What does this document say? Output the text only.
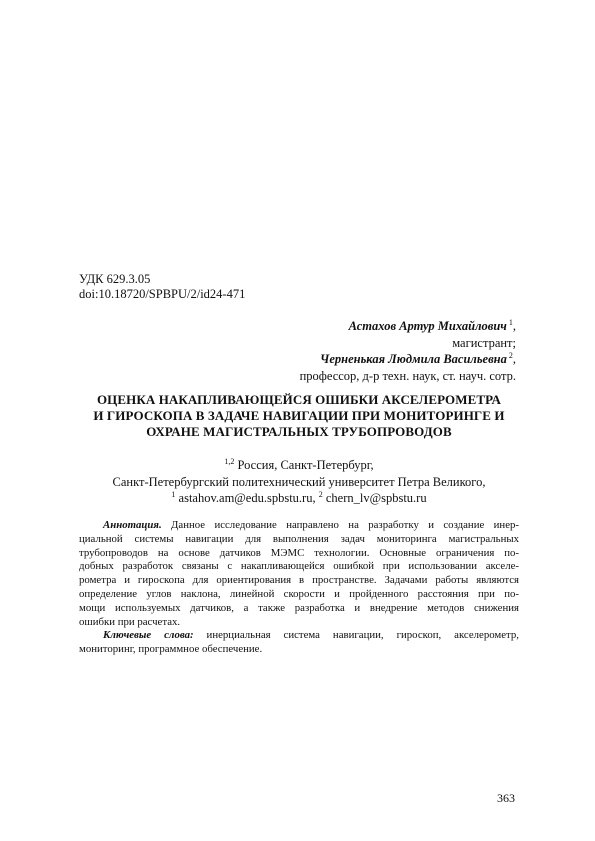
УДК 629.3.05
doi:10.18720/SPBPU/2/id24-471
Астахов Артур Михайлович $^1$,
магистрант;
Черненькая Людмила Васильевна $^2$,
профессор, д-р техн. наук, ст. науч. сотр.
ОЦЕНКА НАКАПЛИВАЮЩЕЙСЯ ОШИБКИ АКСЕЛЕРОМЕТРА
И ГИРОСКОПА В ЗАДАЧЕ НАВИГАЦИИ ПРИ МОНИТОРИНГЕ И
ОХРАНЕ МАГИСТРАЛЬНЫХ ТРУБОПРОВОДОВ
$^{1,2}$ Россия, Санкт-Петербург,
Санкт-Петербургский политехнический университет Петра Великого,
$^1$ astahov.am@edu.spbstu.ru, $^2$ chern_lv@spbstu.ru
Аннотация. Данное исследование направлено на разработку и создание инер-
циальной системы навигации для выполнения задач мониторинга магистральных
трубопроводов на основе датчиков МЭМС технологии. Основные ограничения по-
добных разработок связаны с накапливающейся ошибкой при использовании акселе-
рометра и гироскопа для ориентирования в пространстве. Задачами работы являются
определение углов наклона, линейной скорости и пройденного расстояния при по-
мощи используемых датчиков, а также разработка и внедрение методов снижения
ошибки при расчетах.
Ключевые слова: инерциальная система навигации, гироскоп, акселерометр,
мониторинг, программное обеспечение.
363
